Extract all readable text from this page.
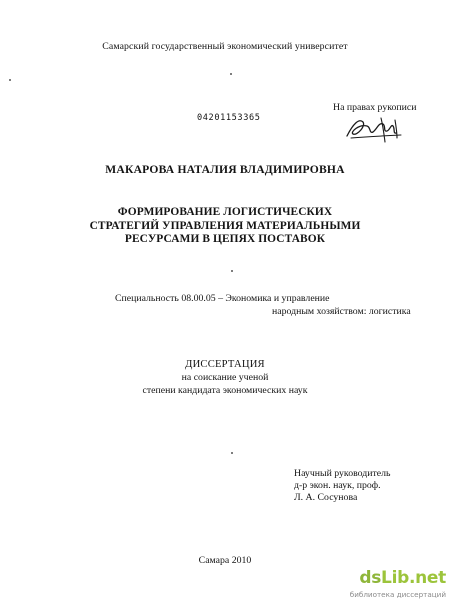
Самарский государственный экономический университет
04201153365
На правах рукописи
МАКАРОВА НАТАЛИЯ ВЛАДИМИРОВНА
ФОРМИРОВАНИЕ ЛОГИСТИЧЕСКИХ
СТРАТЕГИЙ УПРАВЛЕНИЯ МАТЕРИАЛЬНЫМИ
РЕСУРСАМИ В ЦЕПЯХ ПОСТАВОК
Специальность 08.00.05 – Экономика и управление
народным хозяйством: логистика
ДИССЕРТАЦИЯ
на соискание ученой
степени кандидата экономических наук
Научный руководитель
д-р экон. наук, проф.
Л. А. Сосунова
Самара 2010
dsLib.net
библиотека диссертаций
